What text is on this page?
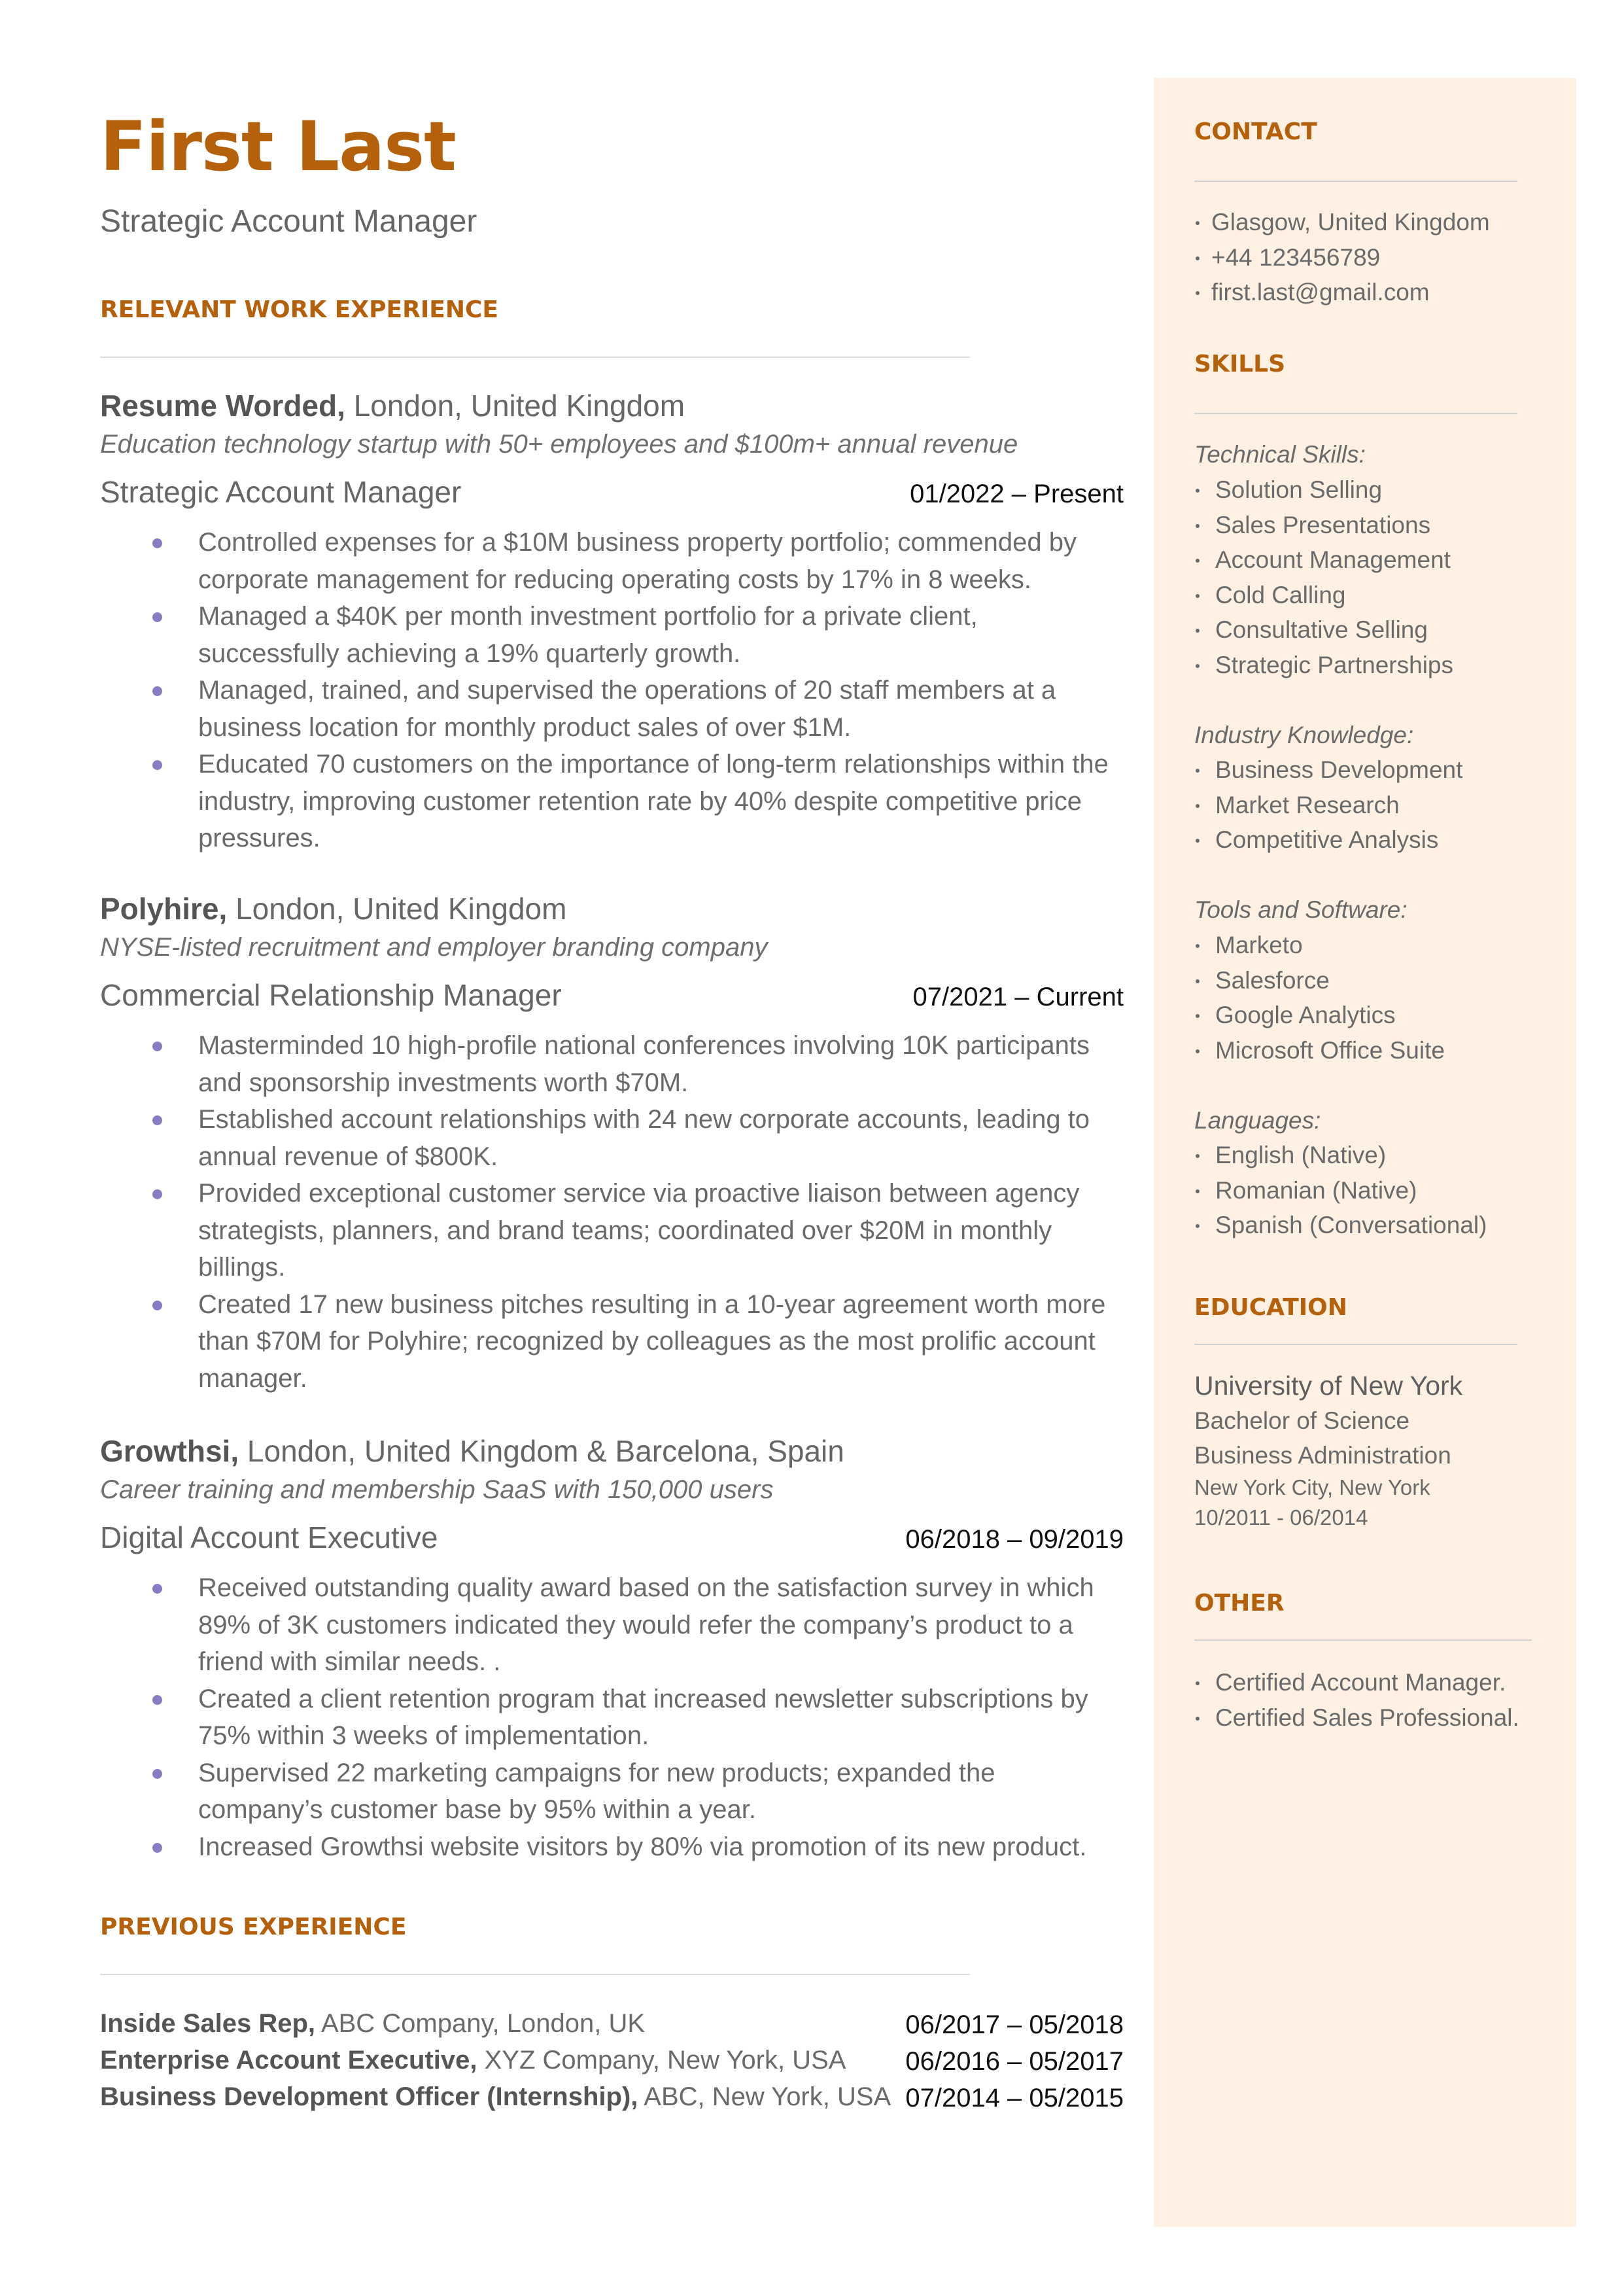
First Last
Strategic Account Manager
RELEVANT WORK EXPERIENCE
Resume Worded, London, United Kingdom
Education technology startup with 50+ employees and $100m+ annual revenue
Strategic Account Manager	01/2022 – Present
Controlled expenses for a $10M business property portfolio; commended by corporate management for reducing operating costs by 17% in 8 weeks.
Managed a $40K per month investment portfolio for a private client, successfully achieving a 19% quarterly growth.
Managed, trained, and supervised the operations of 20 staff members at a business location for monthly product sales of over $1M.
Educated 70 customers on the importance of long-term relationships within the industry, improving customer retention rate by 40% despite competitive price pressures.
Polyhire, London, United Kingdom
NYSE-listed recruitment and employer branding company
Commercial Relationship Manager	07/2021 – Current
Masterminded 10 high-profile national conferences involving 10K participants and sponsorship investments worth $70M.
Established account relationships with 24 new corporate accounts, leading to annual revenue of $800K.
Provided exceptional customer service via proactive liaison between agency strategists, planners, and brand teams; coordinated over $20M in monthly billings.
Created 17 new business pitches resulting in a 10-year agreement worth more than $70M for Polyhire; recognized by colleagues as the most prolific account manager.
Growthsi, London, United Kingdom & Barcelona, Spain
Career training and membership SaaS with 150,000 users
Digital Account Executive	06/2018 – 09/2019
Received outstanding quality award based on the satisfaction survey in which 89% of 3K customers indicated they would refer the company’s product to a friend with similar needs. .
Created a client retention program that increased newsletter subscriptions by 75% within 3 weeks of implementation.
Supervised 22 marketing campaigns for new products; expanded the company’s customer base by 95% within a year.
Increased Growthsi website visitors by 80% via promotion of its new product.
PREVIOUS EXPERIENCE
Inside Sales Rep, ABC Company, London, UK	06/2017 – 05/2018
Enterprise Account Executive, XYZ Company, New York, USA 06/2016 – 05/2017
Business Development Officer (Internship), ABC, New York, USA 07/2014 – 05/2015
CONTACT
Glasgow, United Kingdom
+44 123456789
first.last@gmail.com
SKILLS
Technical Skills:
Solution Selling
Sales Presentations
Account Management
Cold Calling
Consultative Selling
Strategic Partnerships
Industry Knowledge:
Business Development
Market Research
Competitive Analysis
Tools and Software:
Marketo
Salesforce
Google Analytics
Microsoft Office Suite
Languages:
English (Native)
Romanian (Native)
Spanish (Conversational)
EDUCATION
University of New York
Bachelor of Science
Business Administration
New York City, New York
10/2011 - 06/2014
OTHER
Certified Account Manager.
Certified Sales Professional.
